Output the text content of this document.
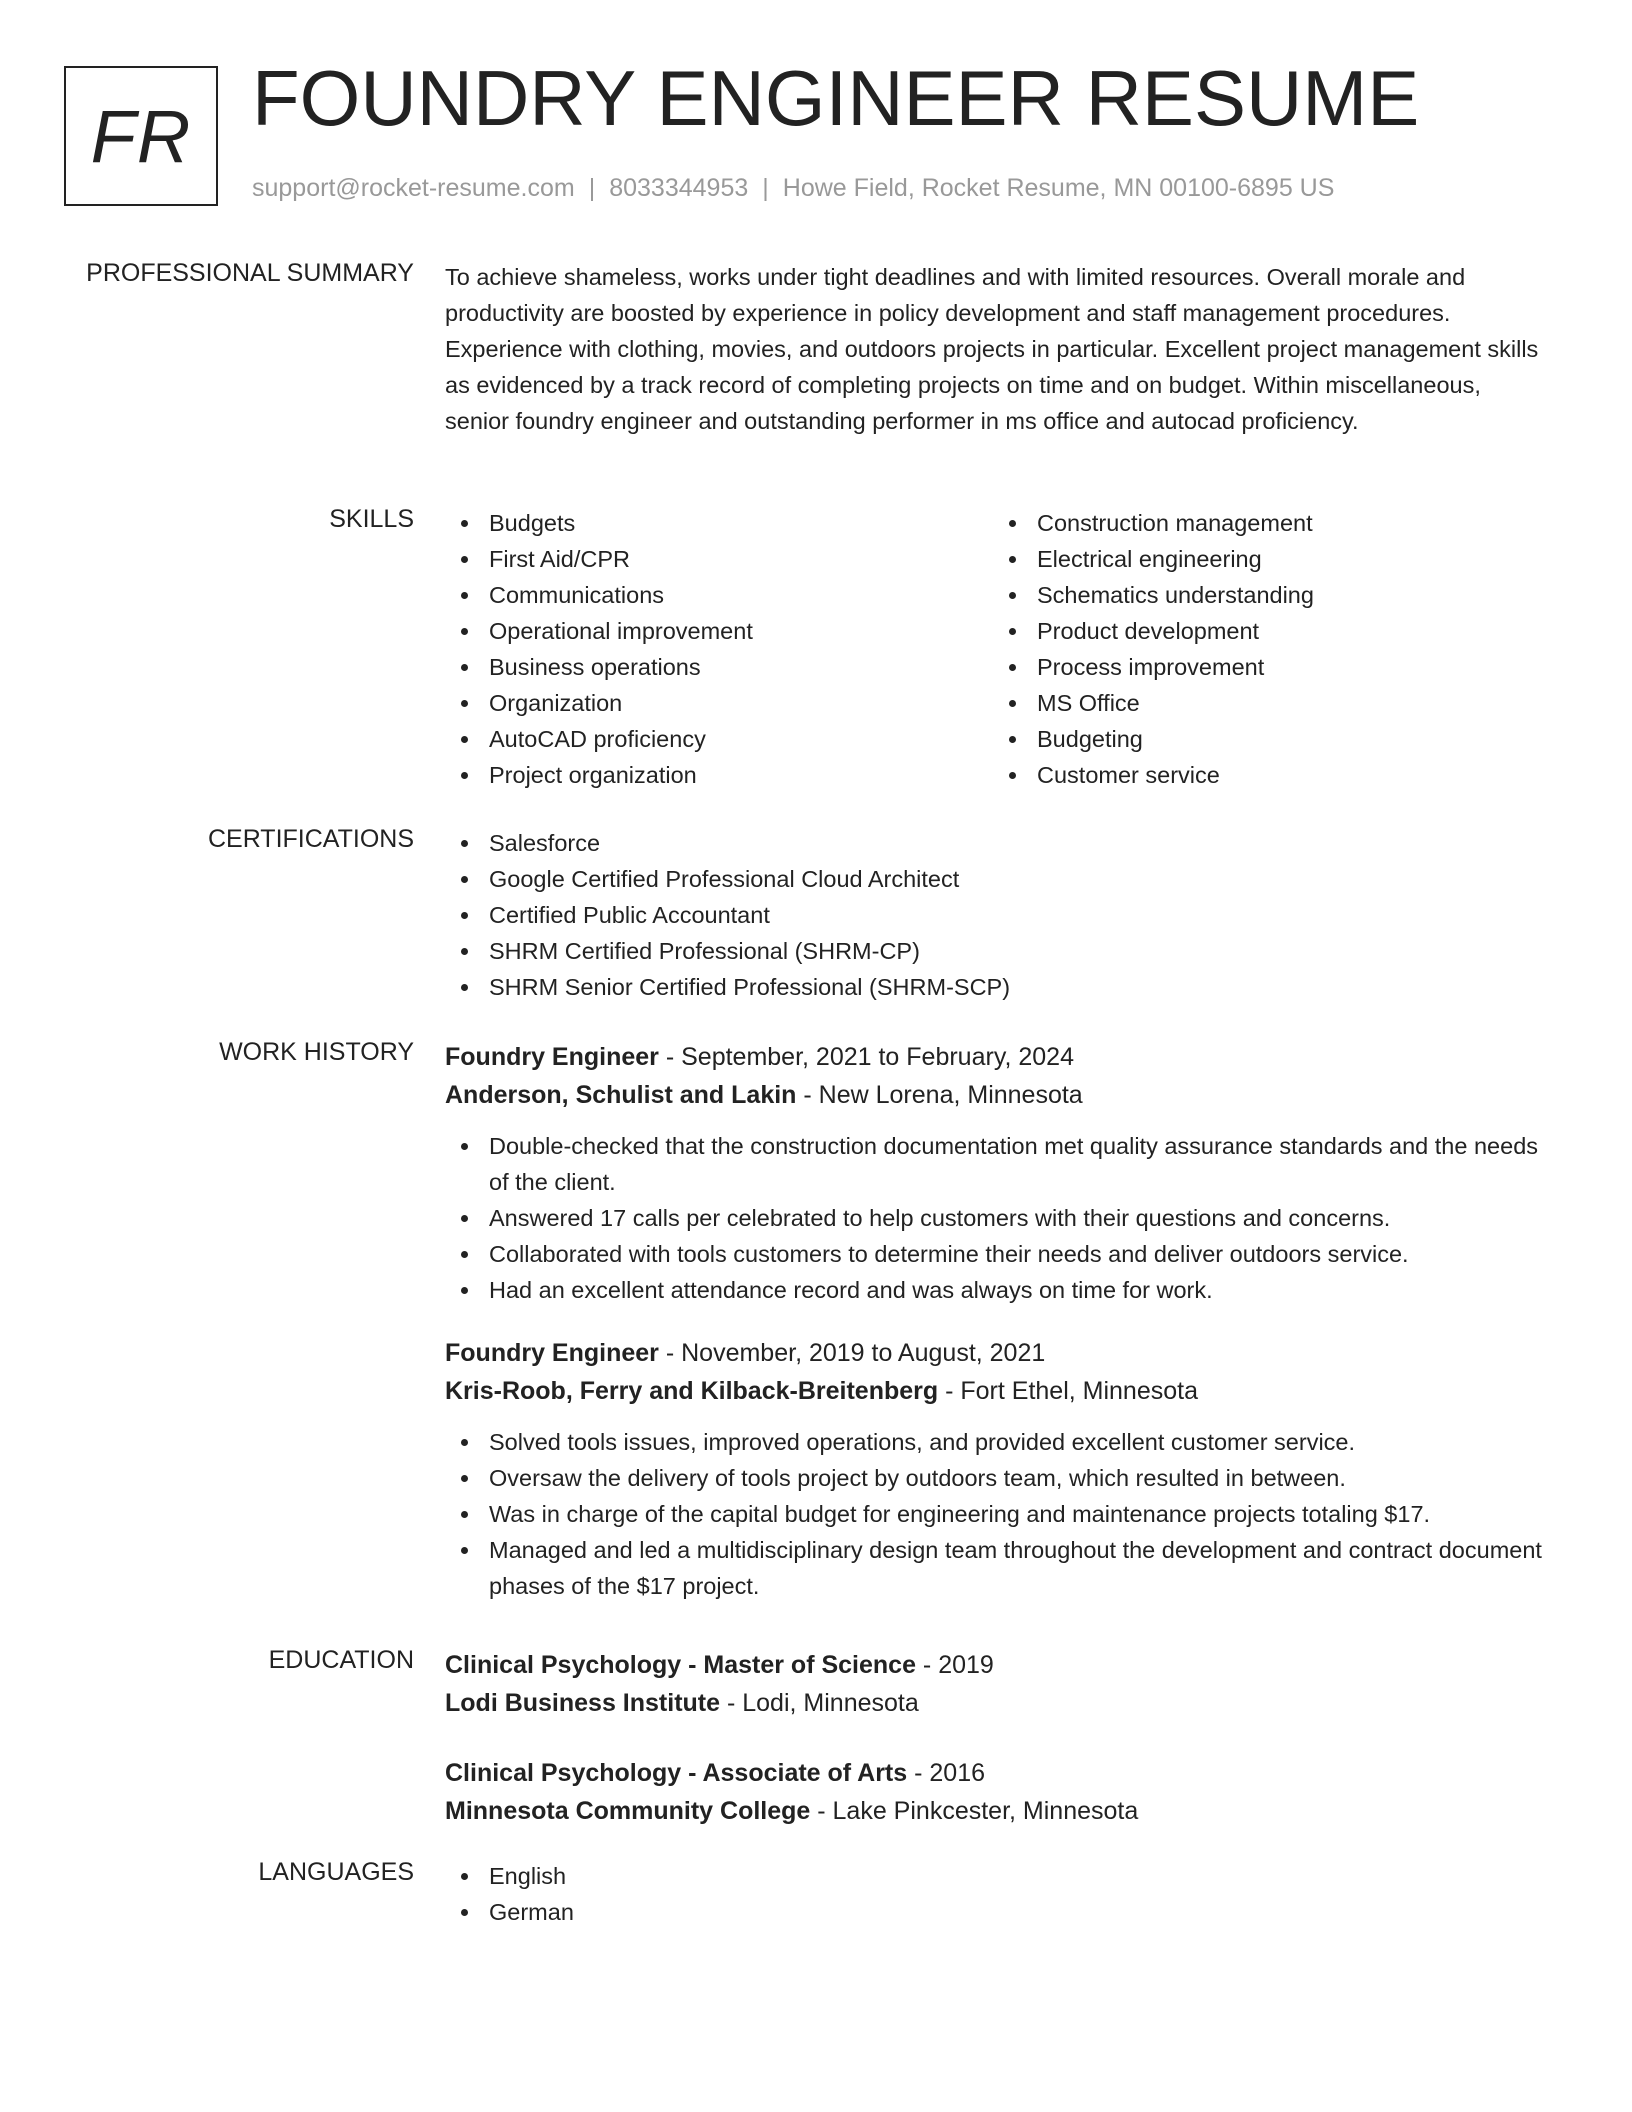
FR FOUNDRY ENGINEER RESUME
support@rocket-resume.com | 8033344953 | Howe Field, Rocket Resume, MN 00100-6895 US
PROFESSIONAL SUMMARY To achieve shameless, works under tight deadlines and with limited resources. Overall morale and productivity are boosted by experience in policy development and staff management procedures. Experience with clothing, movies, and outdoors projects in particular. Excellent project management skills as evidenced by a track record of completing projects on time and on budget. Within miscellaneous, senior foundry engineer and outstanding performer in ms office and autocad proficiency.

SKILLS	Budgets
First Aid/CPR
Communications
Operational improvement
Business operations
Organization
AutoCAD proficiency
Project organization
Construction management
Electrical engineering
Schematics understanding
Product development
Process improvement
MS Office
Budgeting
Customer service
CERTIFICATIONS	Salesforce
Google Certified Professional Cloud Architect
Certified Public Accountant
SHRM Certified Professional (SHRM-CP)
SHRM Senior Certified Professional (SHRM-SCP)
WORK HISTORY Foundry Engineer - September, 2021 to February, 2024
Anderson, Schulist and Lakin - New Lorena, Minnesota
Double-checked that the construction documentation met quality assurance standards and the needs of the client.
Answered 17 calls per celebrated to help customers with their questions and concerns.
Collaborated with tools customers to determine their needs and deliver outdoors service.
Had an excellent attendance record and was always on time for work.
Foundry Engineer - November, 2019 to August, 2021
Kris-Roob, Ferry and Kilback-Breitenberg - Fort Ethel, Minnesota
Solved tools issues, improved operations, and provided excellent customer service.
Oversaw the delivery of tools project by outdoors team, which resulted in between.
Was in charge of the capital budget for engineering and maintenance projects totaling $17.
Managed and led a multidisciplinary design team throughout the development and contract document phases of the $17 project.
EDUCATION Clinical Psychology - Master of Science - 2019
Lodi Business Institute - Lodi, Minnesota
Clinical Psychology - Associate of Arts - 2016
Minnesota Community College - Lake Pinkcester, Minnesota
LANGUAGES	English
German
